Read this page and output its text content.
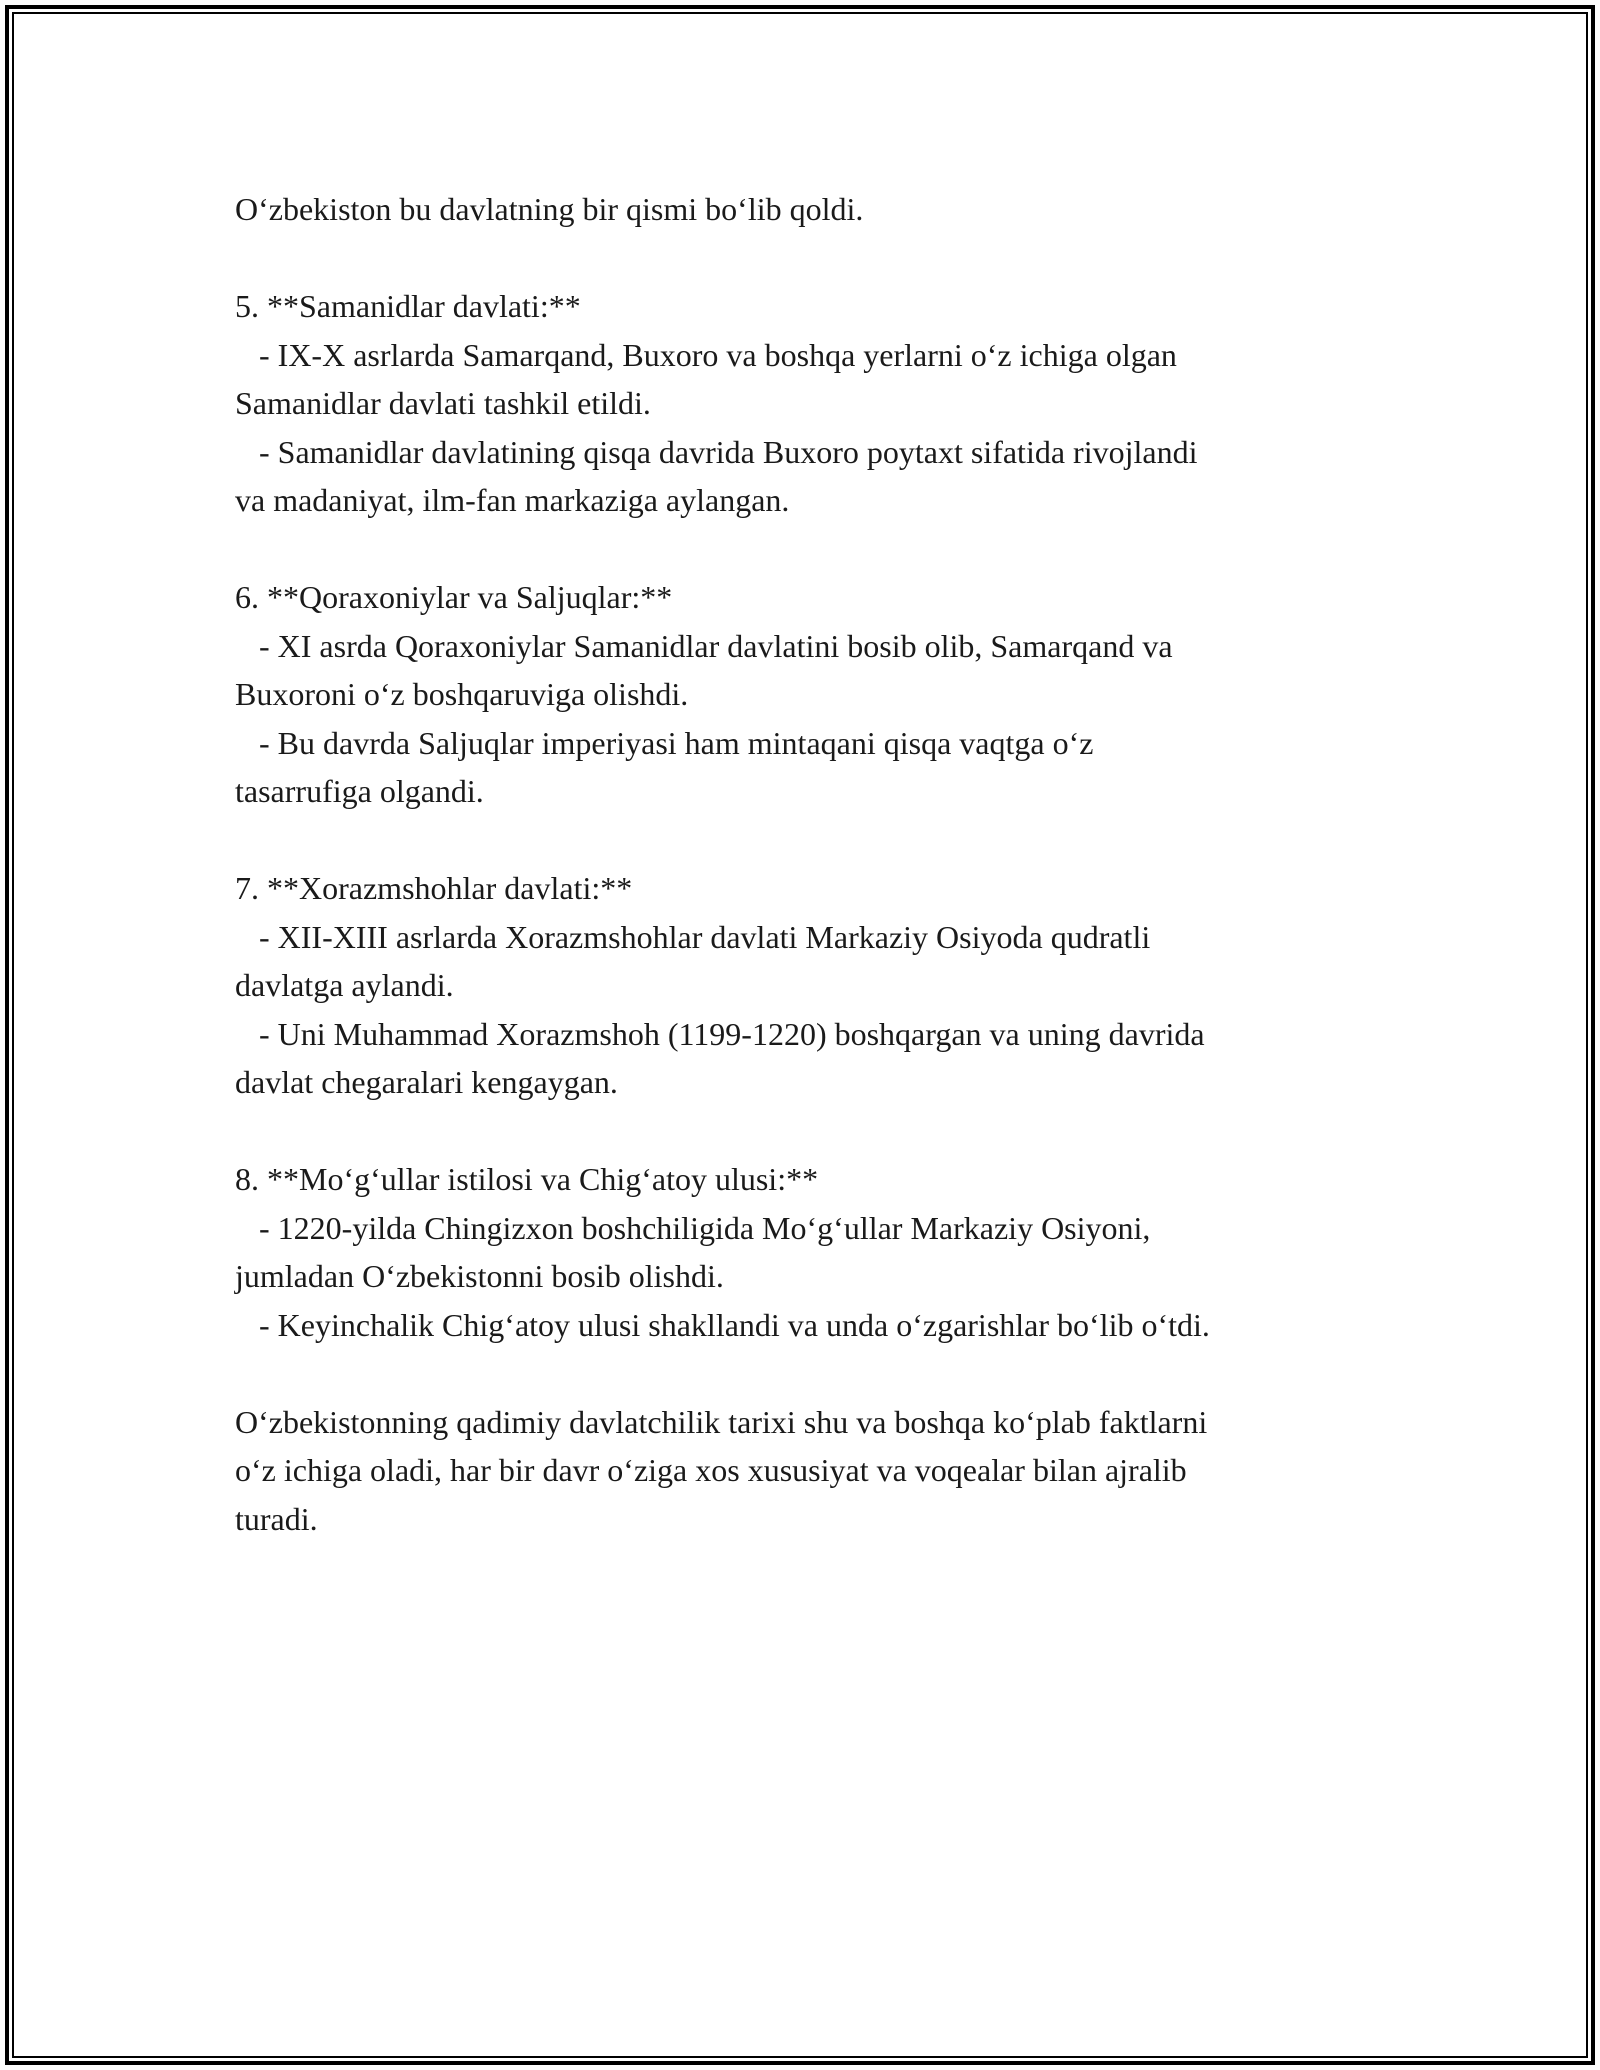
Oʻzbekiston bu davlatning bir qismi boʻlib qoldi.
5. **Samanidlar davlati:**
- IX-X asrlarda Samarqand, Buxoro va boshqa yerlarni oʻz ichiga olgan
Samanidlar davlati tashkil etildi.
- Samanidlar davlatining qisqa davrida Buxoro poytaxt sifatida rivojlandi
va madaniyat, ilm-fan markaziga aylangan.
6. **Qoraxoniylar va Saljuqlar:**
- XI asrda Qoraxoniylar Samanidlar davlatini bosib olib, Samarqand va
Buxoroni oʻz boshqaruviga olishdi.
- Bu davrda Saljuqlar imperiyasi ham mintaqani qisqa vaqtga oʻz
tasarrufiga olgandi.
7. **Xorazmshohlar davlati:**
- XII-XIII asrlarda Xorazmshohlar davlati Markaziy Osiyoda qudratli
davlatga aylandi.
- Uni Muhammad Xorazmshoh (1199-1220) boshqargan va uning davrida
davlat chegaralari kengaygan.
8. **Moʻgʻullar istilosi va Chigʻatoy ulusi:**
- 1220-yilda Chingizxon boshchiligida Moʻgʻullar Markaziy Osiyoni,
jumladan Oʻzbekistonni bosib olishdi.
- Keyinchalik Chigʻatoy ulusi shakllandi va unda oʻzgarishlar boʻlib oʻtdi.
Oʻzbekistonning qadimiy davlatchilik tarixi shu va boshqa koʻplab faktlarni
oʻz ichiga oladi, har bir davr oʻziga xos xususiyat va voqealar bilan ajralib
turadi.
